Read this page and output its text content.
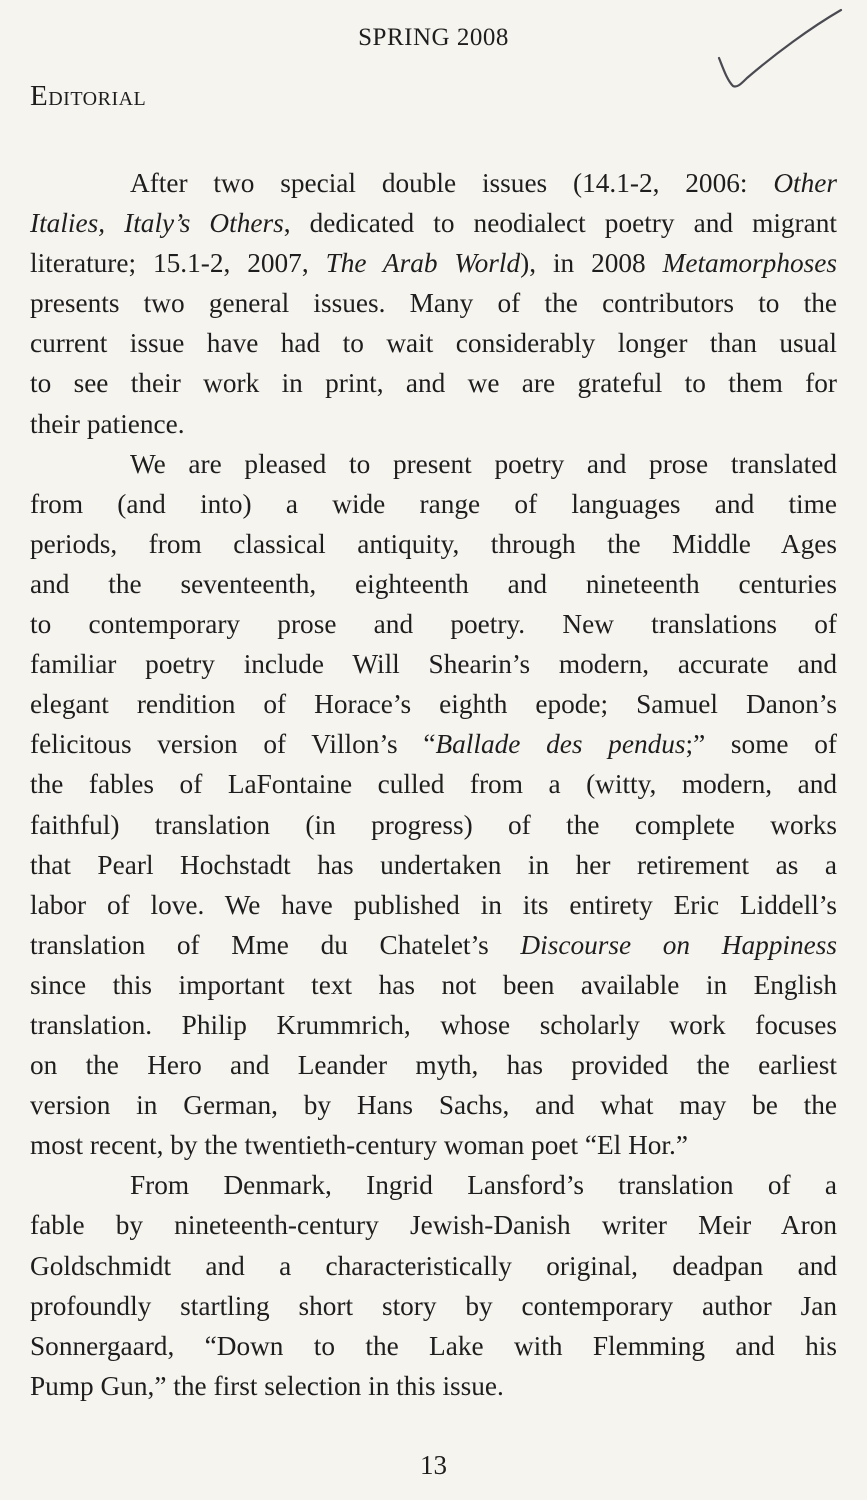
SPRING 2008
Editorial

After two special double issues (14.1-2, 2006: Other
Italies, Italy’s Others, dedicated to neodialect poetry and migrant
literature; 15.1-2, 2007, The Arab World), in 2008 Metamorphoses
presents two general issues. Many of the contributors to the
current issue have had to wait considerably longer than usual
to see their work in print, and we are grateful to them for
their patience.

We are pleased to present poetry and prose translated
from (and into) a wide range of languages and time
periods, from classical antiquity, through the Middle Ages
and the seventeenth, eighteenth and nineteenth centuries
to contemporary prose and poetry. New translations of
familiar poetry include Will Shearin’s modern, accurate and
elegant rendition of Horace’s eighth epode; Samuel Danon’s
felicitous version of Villon’s “Ballade des pendus;” some of
the fables of LaFontaine culled from a (witty, modern, and
faithful) translation (in progress) of the complete works
that Pearl Hochstadt has undertaken in her retirement as a
labor of love. We have published in its entirety Eric Liddell’s
translation of Mme du Chatelet’s Discourse on Happiness
since this important text has not been available in English
translation. Philip Krummrich, whose scholarly work focuses
on the Hero and Leander myth, has provided the earliest
version in German, by Hans Sachs, and what may be the
most recent, by the twentieth-century woman poet “El Hor.”

From Denmark, Ingrid Lansford’s translation of a
fable by nineteenth-century Jewish-Danish writer Meir Aron
Goldschmidt and a characteristically original, deadpan and
profoundly startling short story by contemporary author Jan
Sonnergaard, “Down to the Lake with Flemming and his
Pump Gun,” the first selection in this issue.

13
